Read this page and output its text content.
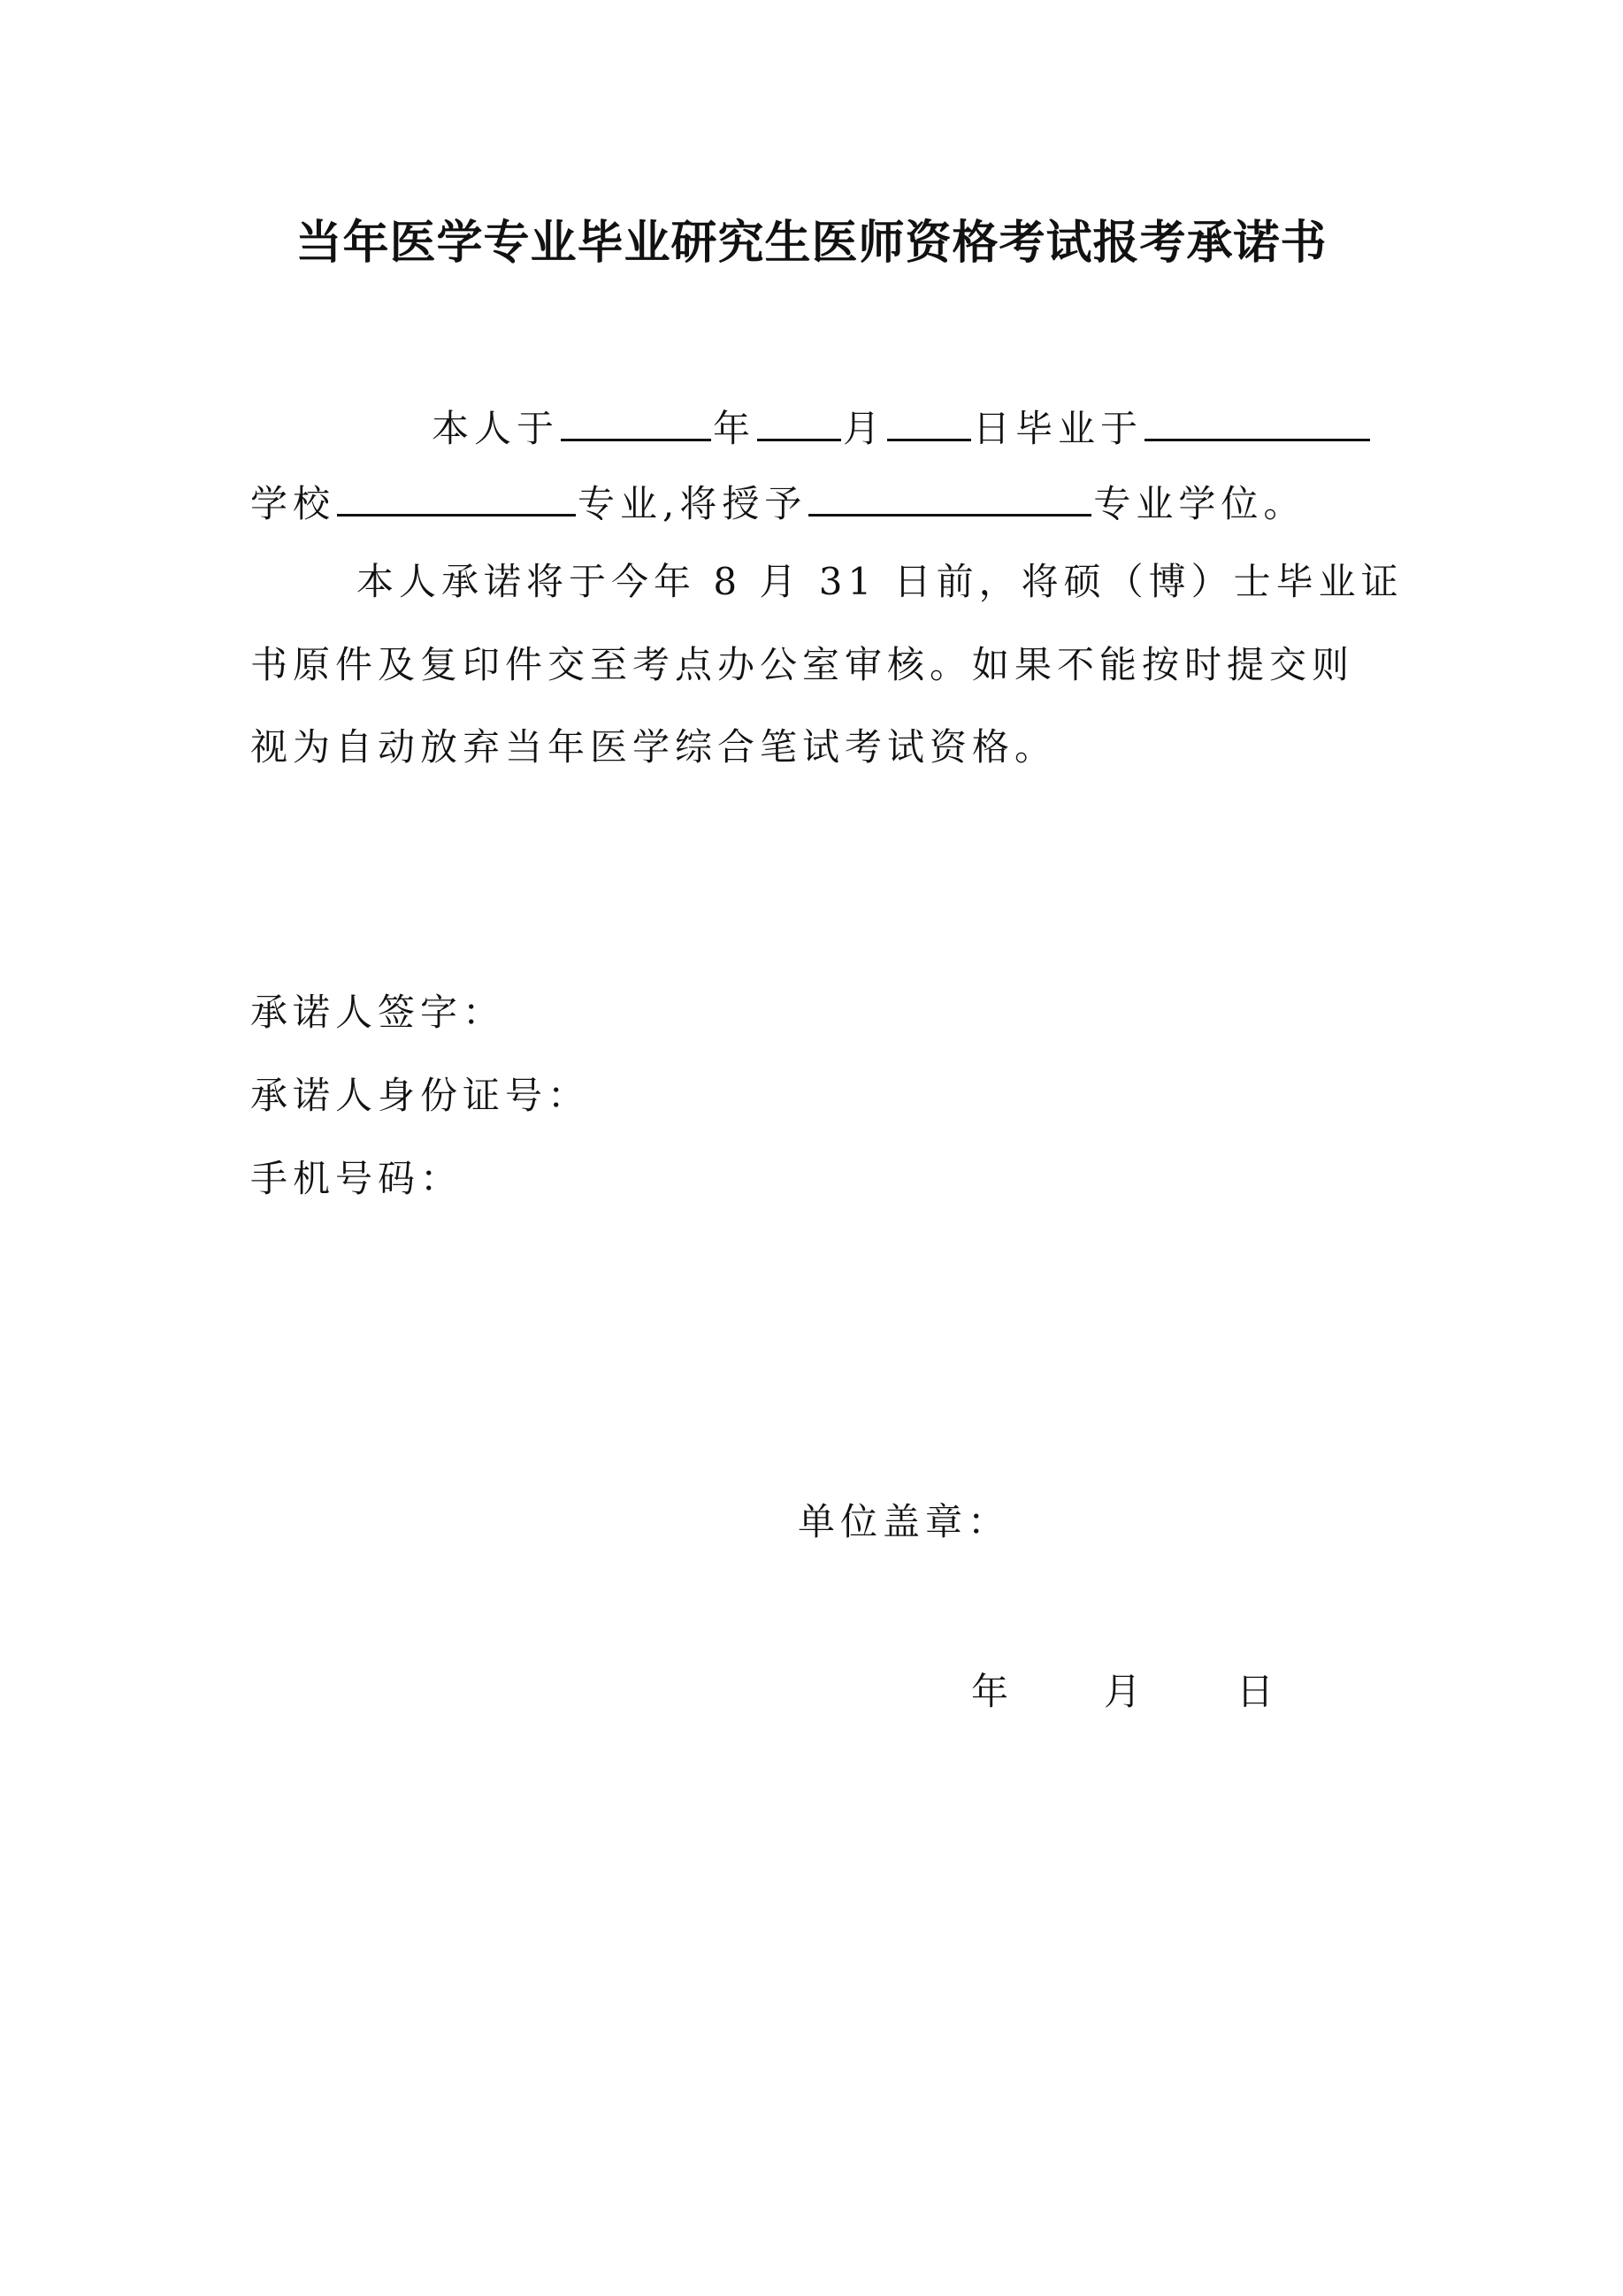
当年医学专业毕业研究生医师资格考试报考承诺书
本人于	年 月 日毕业于
学校	专业,将授予	专业学位。
本人承诺将于今年 8 月 31 日前，将硕（博）士毕业证
书原件及复印件交至考点办公室审核。如果不能按时提交则
视为自动放弃当年医学综合笔试考试资格。
承诺人签字：
承诺人身份证号：
手机号码：
单位盖章：
年	月	日
